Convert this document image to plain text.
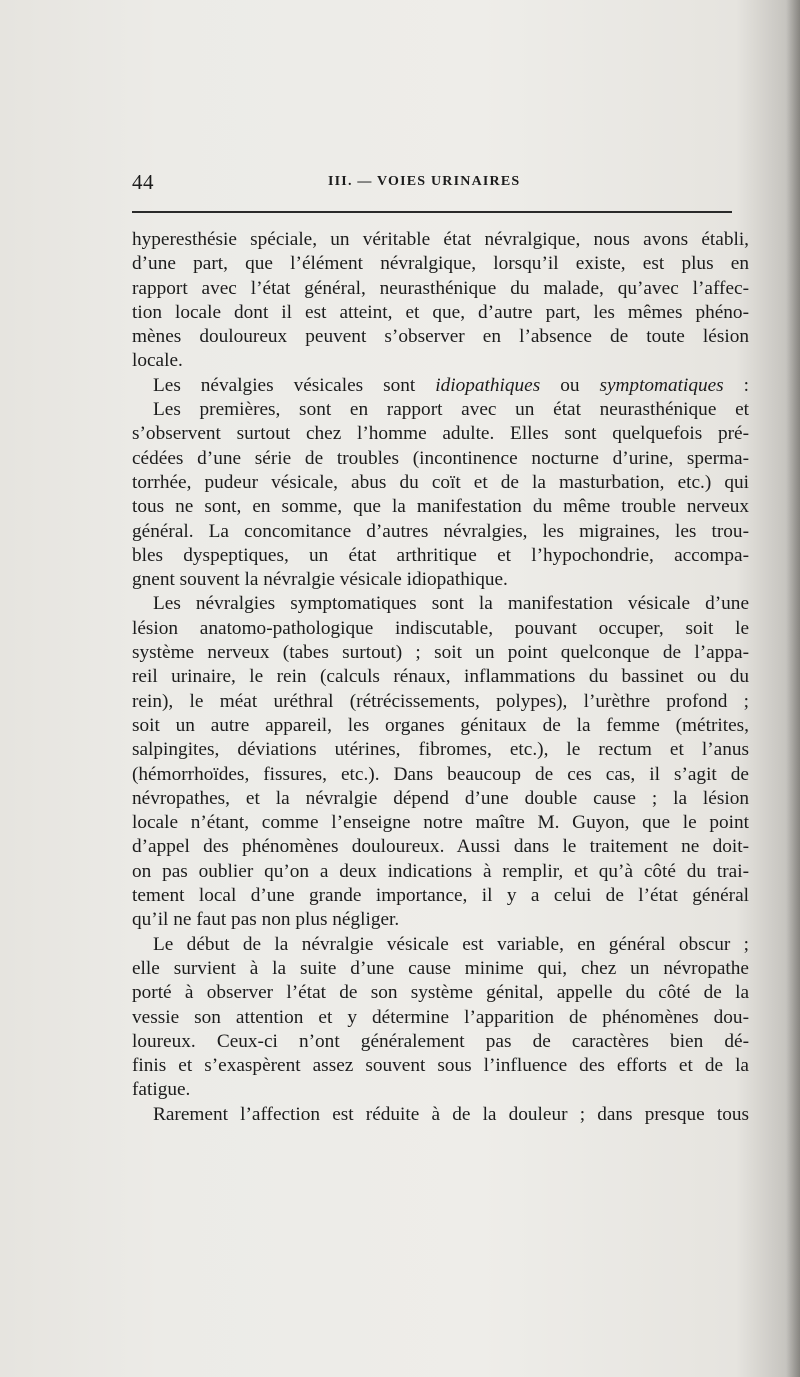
44	III. — VOIES URINAIRES

hyperesthésie spéciale, un véritable état névralgique, nous avons établi,

d’une part, que l’élément névralgique, lorsqu’il existe, est plus en

rapport avec l’état général, neurasthénique du malade, qu’avec l’affec-

tion locale dont il est atteint, et que, d’autre part, les mêmes phéno-

mènes douloureux peuvent s’observer en l’absence de toute lésion

locale.

Les névalgies vésicales sont idiopathiques ou symptomatiques :

Les premières, sont en rapport avec un état neurasthénique et

s’observent surtout chez l’homme adulte. Elles sont quelquefois pré-

cédées d’une série de troubles (incontinence nocturne d’urine, sperma-

torrhée, pudeur vésicale, abus du coït et de la masturbation, etc.) qui

tous ne sont, en somme, que la manifestation du même trouble nerveux

général. La concomitance d’autres névralgies, les migraines, les trou-

bles dyspeptiques, un état arthritique et l’hypochondrie, accompa-

gnent souvent la névralgie vésicale idiopathique.

Les névralgies symptomatiques sont la manifestation vésicale d’une

lésion anatomo-pathologique indiscutable, pouvant occuper, soit le

système nerveux (tabes surtout) ; soit un point quelconque de l’appa-

reil urinaire, le rein (calculs rénaux, inflammations du bassinet ou du

rein), le méat uréthral (rétrécissements, polypes), l’urèthre profond ;

soit un autre appareil, les organes génitaux de la femme (métrites,

salpingites, déviations utérines, fibromes, etc.), le rectum et l’anus

(hémorrhoïdes, fissures, etc.). Dans beaucoup de ces cas, il s’agit de

névropathes, et la névralgie dépend d’une double cause ; la lésion

locale n’étant, comme l’enseigne notre maître M. Guyon, que le point

d’appel des phénomènes douloureux. Aussi dans le traitement ne doit-

on pas oublier qu’on a deux indications à remplir, et qu’à côté du trai-

tement local d’une grande importance, il y a celui de l’état général

qu’il ne faut pas non plus négliger.

Le début de la névralgie vésicale est variable, en général obscur ;

elle survient à la suite d’une cause minime qui, chez un névropathe

porté à observer l’état de son système génital, appelle du côté de la

vessie son attention et y détermine l’apparition de phénomènes dou-

loureux. Ceux-ci n’ont généralement pas de caractères bien dé-

finis et s’exaspèrent assez souvent sous l’influence des efforts et de la

fatigue.

Rarement l’affection est réduite à de la douleur ; dans presque tous
